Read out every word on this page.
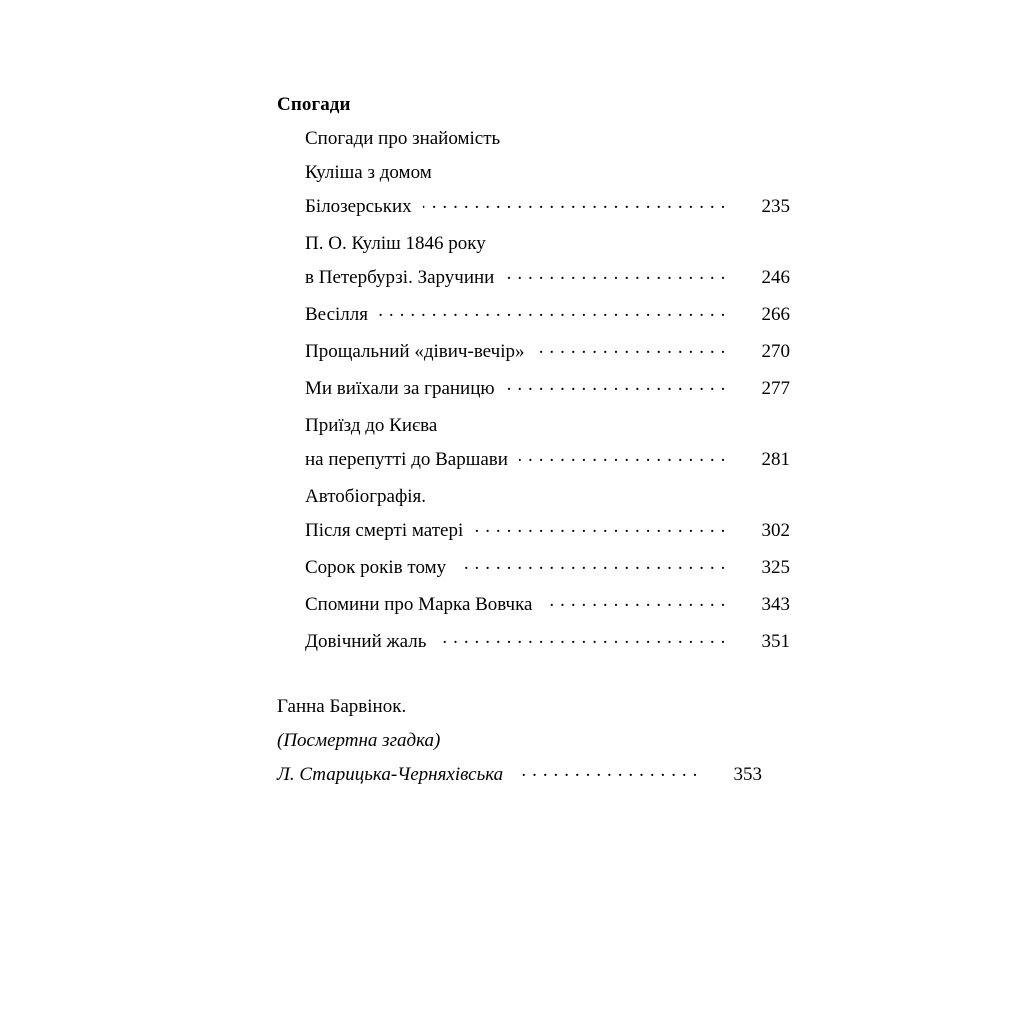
Спогади
Спогади про знайомість
Куліша з домом
Білозерських . . .	235
П. О. Куліш 1846 року
в Петербурзі. Заручини . . .	246
Весілля . . .	266
Прощальний «дівич-вечір» . . .	270
Ми виїхали за границю . . .	277
Приїзд до Києва
на перепутті до Варшави . . .	281
Автобіографія.
Після смерті матері . . .	302
Сорок років тому . . .	325
Спомини про Марка Вовчка . . .	343
Довічний жаль . . .	351
Ганна Барвінок.
(Посмертна згадка)
Л. Старицька-Черняхівська . . .	353
